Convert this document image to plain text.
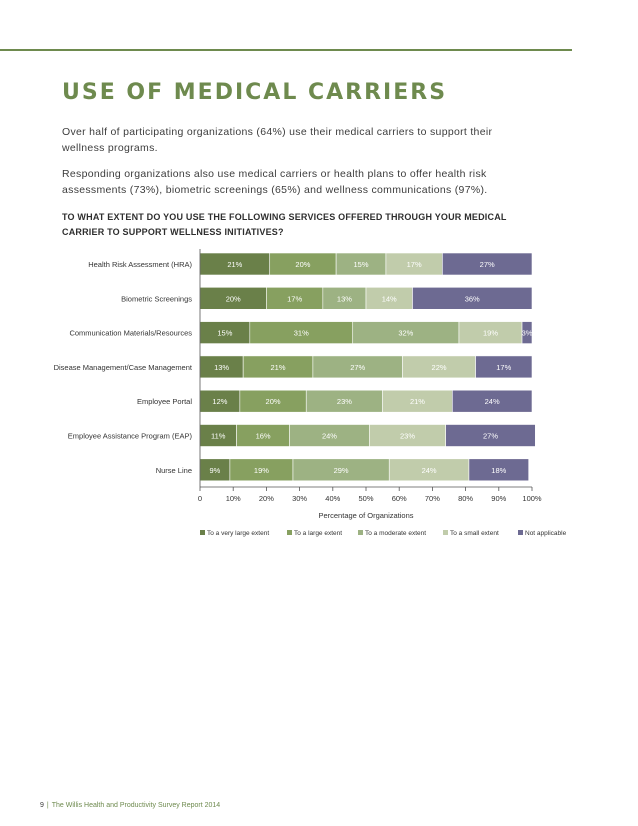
USE OF MEDICAL CARRIERS

Over half of participating organizations (64%) use their medical carriers to support their wellness programs.

Responding organizations also use medical carriers or health plans to offer health risk assessments (73%), biometric screenings (65%) and wellness communications (97%).

TO WHAT EXTENT DO YOU USE THE FOLLOWING SERVICES OFFERED THROUGH YOUR MEDICAL CARRIER TO SUPPORT WELLNESS INITIATIVES?

Health Risk Assessment (HRA)	21%	20%	15%	17%	27%
Biometric Screenings	20%	17%	13%	14%	36%
Communication Materials/Resources	15%	31%	32%	19%	3%
Disease Management/Case Management	13%	21%	27%	22%	17%
Employee Portal	12%	20%	23%	21%	24%
Employee Assistance Program (EAP)	11%	16%	24%	23%	27%
Nurse Line 9%	19%	29%	24%	18%
0	10% 20% 30% 40% 50% 60% 70% 80% 90% 100%
Percentage of Organizations
To a very large extent	To a large extent	To a moderate extent	To a small extent	Not applicable
9 | The Willis Health and Productivity Survey Report 2014
